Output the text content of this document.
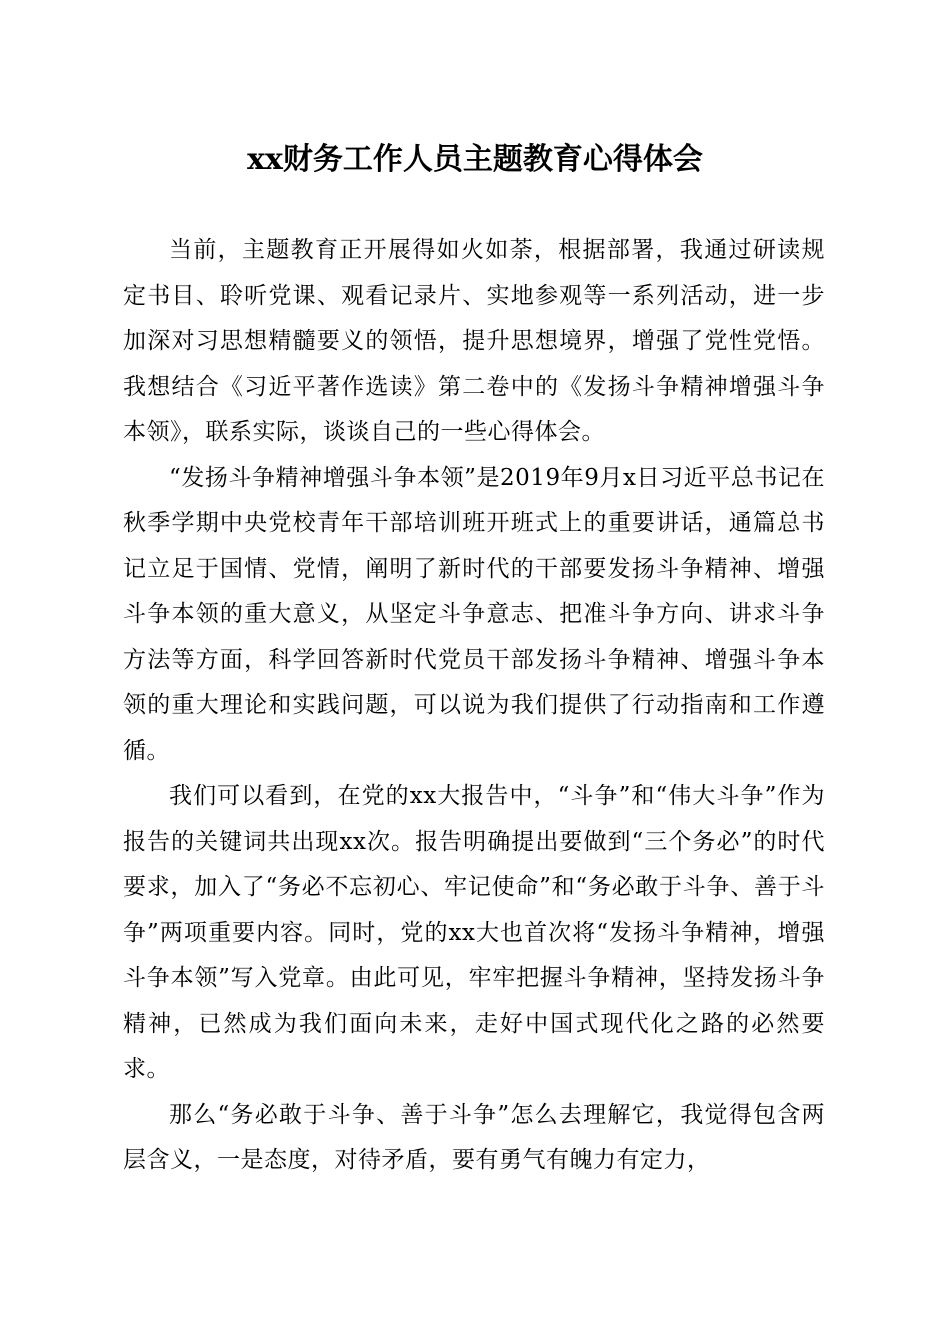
xx财务工作人员主题教育心得体会

当前，主题教育正开展得如火如荼，根据部署，我通过研读规定书目、聆听党课、观看记录片、实地参观等一系列活动，进一步加深对习思想精髓要义的领悟，提升思想境界，增强了党性党悟。我想结合《习近平著作选读》第二卷中的《发扬斗争精神增强斗争本领》，联系实际，谈谈自己的一些心得体会。

“发扬斗争精神增强斗争本领”是2019年9月x日习近平总书记在秋季学期中央党校青年干部培训班开班式上的重要讲话，通篇总书记立足于国情、党情，阐明了新时代的干部要发扬斗争精神、增强斗争本领的重大意义，从坚定斗争意志、把准斗争方向、讲求斗争方法等方面，科学回答新时代党员干部发扬斗争精神、增强斗争本领的重大理论和实践问题，可以说为我们提供了行动指南和工作遵循。

我们可以看到，在党的xx大报告中，“斗争”和“伟大斗争”作为报告的关键词共出现xx次。报告明确提出要做到“三个务必”的时代要求，加入了“务必不忘初心、牢记使命”和“务必敢于斗争、善于斗争”两项重要内容。同时，党的xx大也首次将“发扬斗争精神，增强斗争本领”写入党章。由此可见，牢牢把握斗争精神，坚持发扬斗争精神，已然成为我们面向未来，走好中国式现代化之路的必然要求。

那么“务必敢于斗争、善于斗争”怎么去理解它，我觉得包含两层含义，一是态度，对待矛盾，要有勇气有魄力有定力，
